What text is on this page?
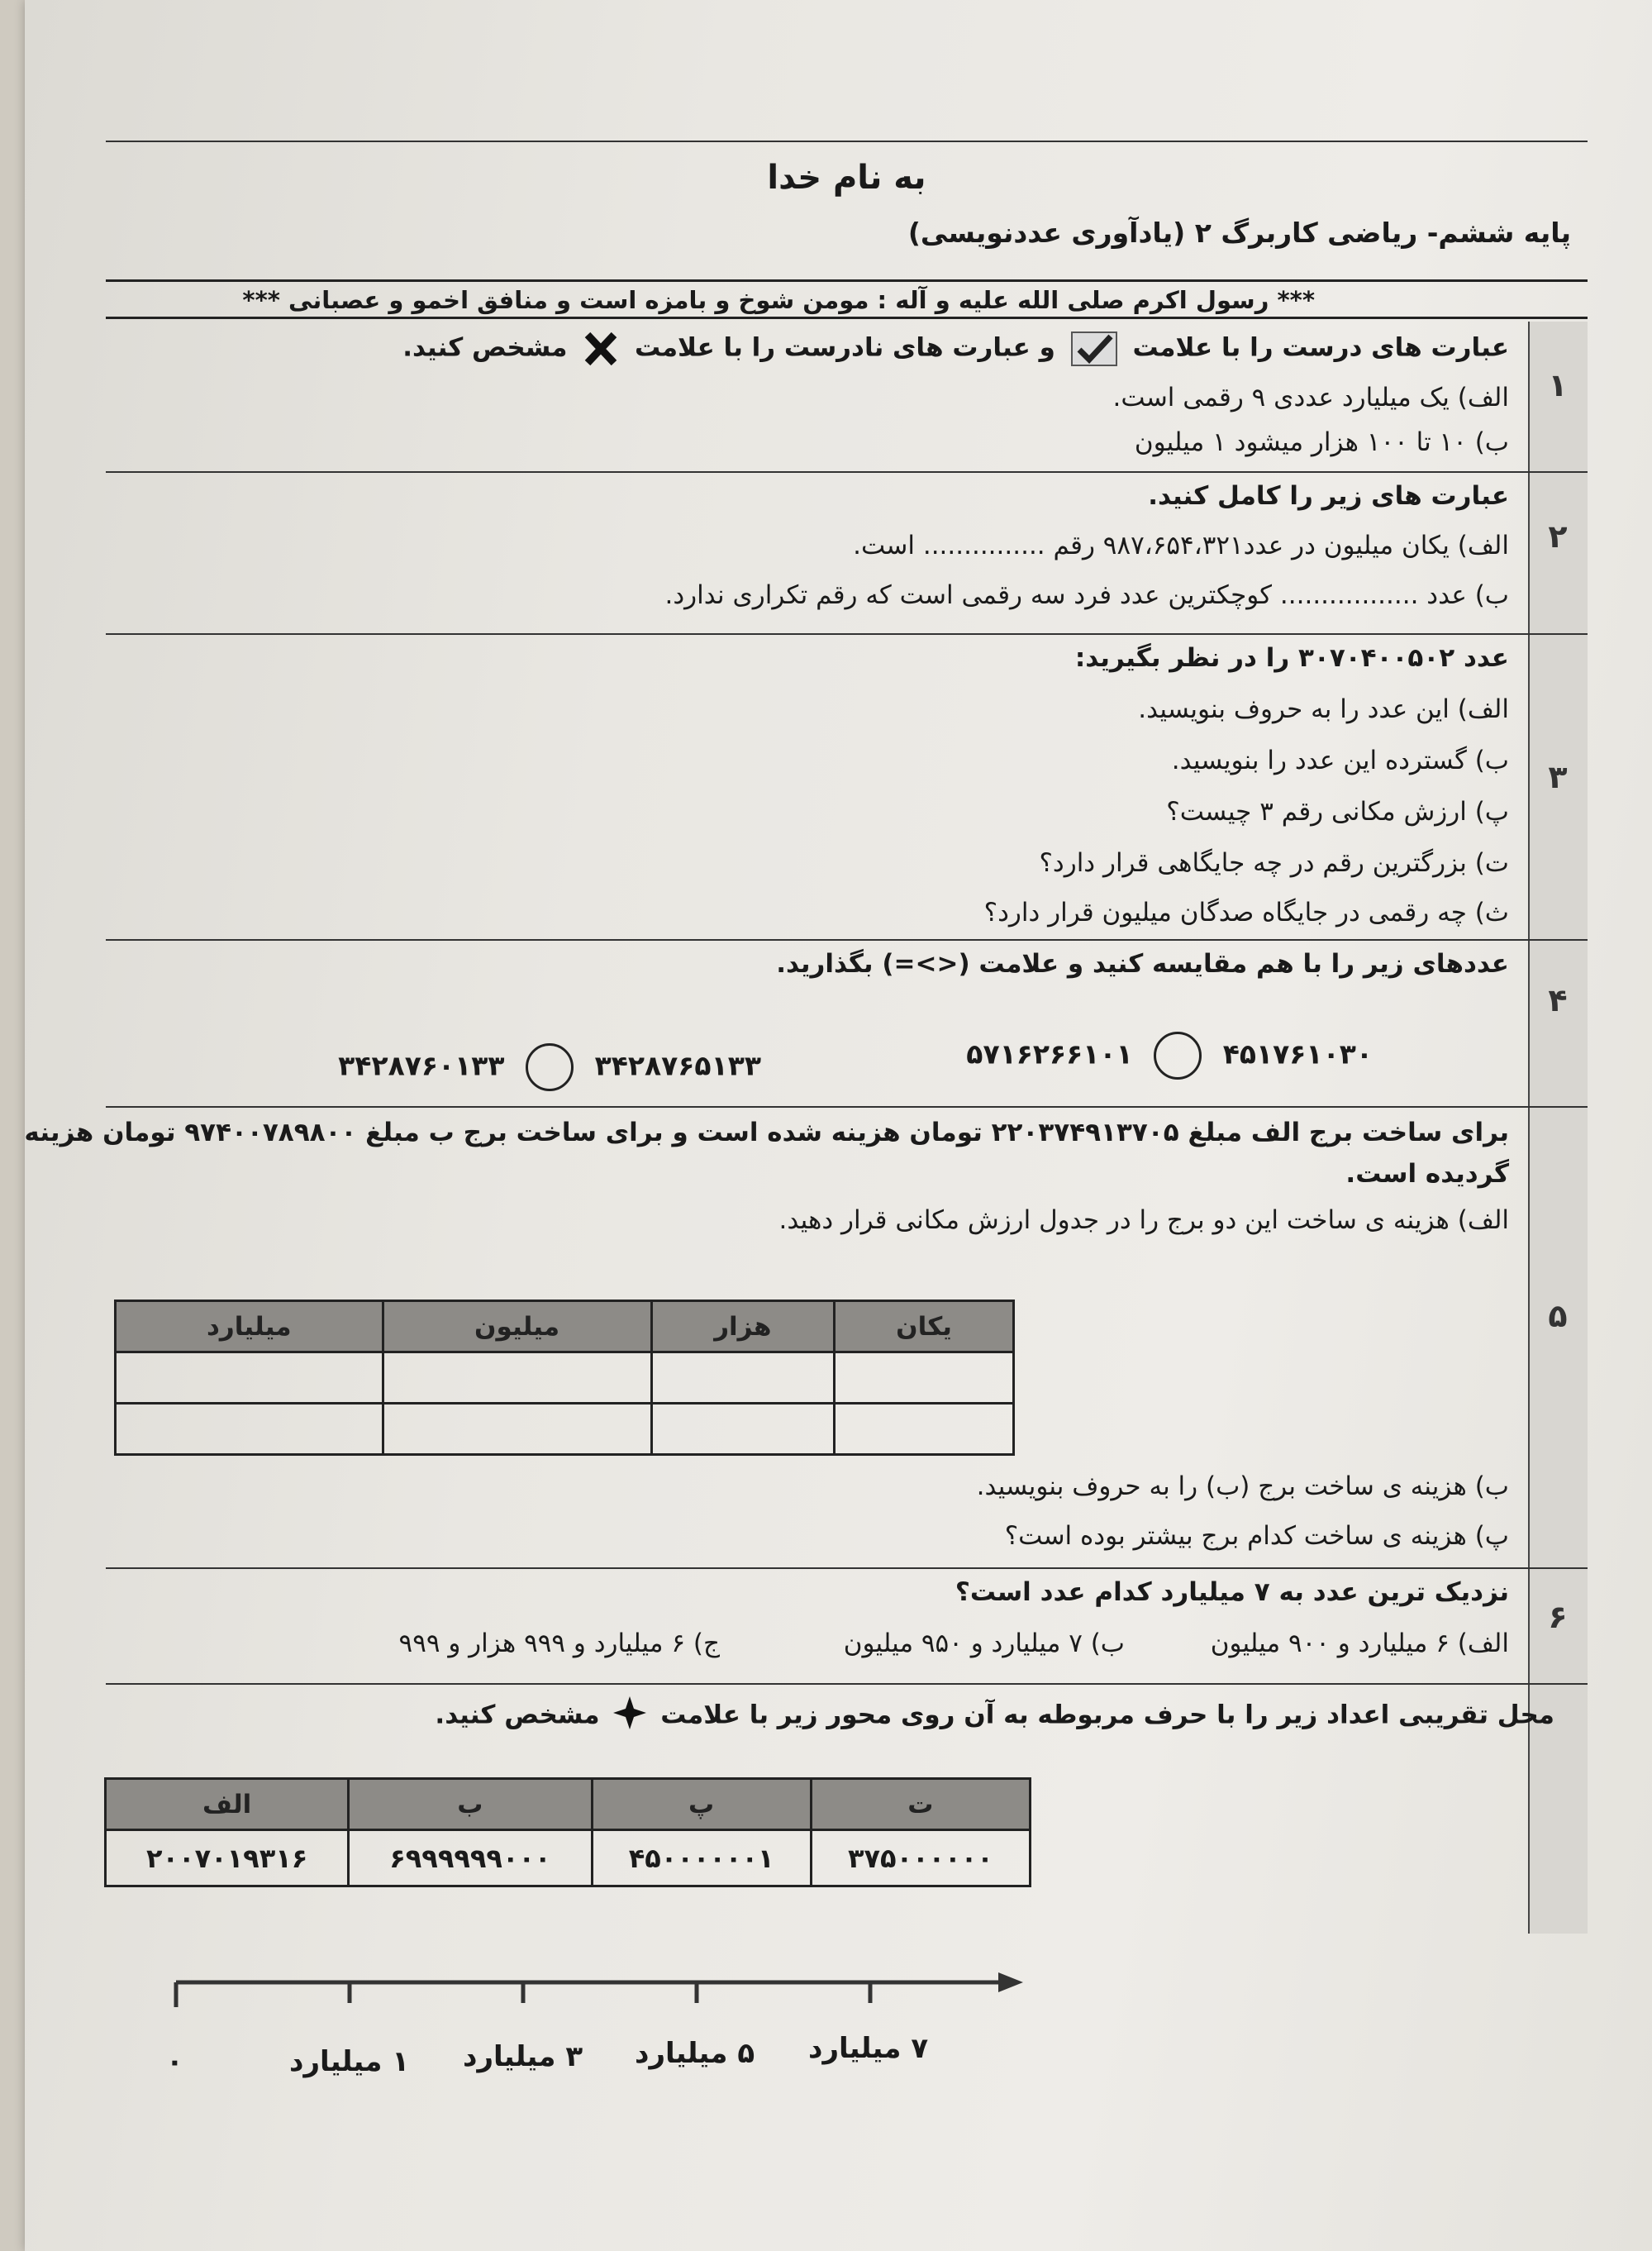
به نام خدا
پایه ششم- ریاضی کاربرگ ۲ (یادآوری عددنویسی)
*** رسول اکرم صلی الله علیه و آله : مومن شوخ و بامزه است و منافق اخمو و عصبانی ***
۱
عبارت های درست را با علامت  و عبارت های نادرست را با علامت  مشخص کنید.
الف) یک میلیارد عددی ۹ رقمی است.
ب) ۱۰ تا ۱۰۰ هزار میشود ۱ میلیون
۲
عبارت های زیر را کامل کنید.
الف) یکان میلیون در عدد۹۸۷،۶۵۴،۳۲۱ رقم ............... است.
ب) عدد ................. کوچکترین عدد فرد سه رقمی است که رقم تکراری ندارد.
۳
عدد ۳۰۷۰۴۰۰۵۰۲ را در نظر بگیرید:
الف) این عدد را به حروف بنویسید.
ب) گسترده این عدد را بنویسید.
پ) ارزش مکانی رقم ۳ چیست؟
ت) بزرگترین رقم در چه جایگاهی قرار دارد؟
ث) چه رقمی در جایگاه صدگان میلیون قرار دارد؟
۴
عددهای زیر را با هم مقایسه کنید و علامت (<>=) بگذارید.
۴۵۱۷۶۱۰۳۰  ۵۷۱۶۲۶۶۱۰۱
۳۴۲۸۷۶۵۱۳۳  ۳۴۲۸۷۶۰۱۳۳
۵
برای ساخت برج الف مبلغ ۲۲۰۳۷۴۹۱۳۷۰۵ تومان هزینه شده است و برای ساخت برج ب مبلغ ۹۷۴۰۰۷۸۹۸۰۰ تومان هزینه
گردیده است.
الف) هزینه ی ساخت این دو برج را در جدول ارزش مکانی قرار دهید.
یکان	هزار	میلیون	میلیارد

ب) هزینه ی ساخت برج (ب) را به حروف بنویسید.
پ) هزینه ی ساخت کدام برج بیشتر بوده است؟
۶
نزدیک ترین عدد به ۷ میلیارد کدام عدد است؟
الف) ۶ میلیارد و ۹۰۰ میلیون
ب) ۷ میلیارد و ۹۵۰ میلیون
ج) ۶ میلیارد و ۹۹۹ هزار و ۹۹۹
محل تقریبی اعداد زیر را با حرف مربوطه به آن روی محور زیر با علامت  مشخص کنید.
ت	پ	ب	الف
۳۷۵۰۰۰۰۰۰	۴۵۰۰۰۰۰۰۱	۶۹۹۹۹۹۹۰۰۰	۲۰۰۷۰۱۹۳۱۶
۰	۱ میلیارد ۳ میلیارد ۵ میلیارد ۷ میلیارد
